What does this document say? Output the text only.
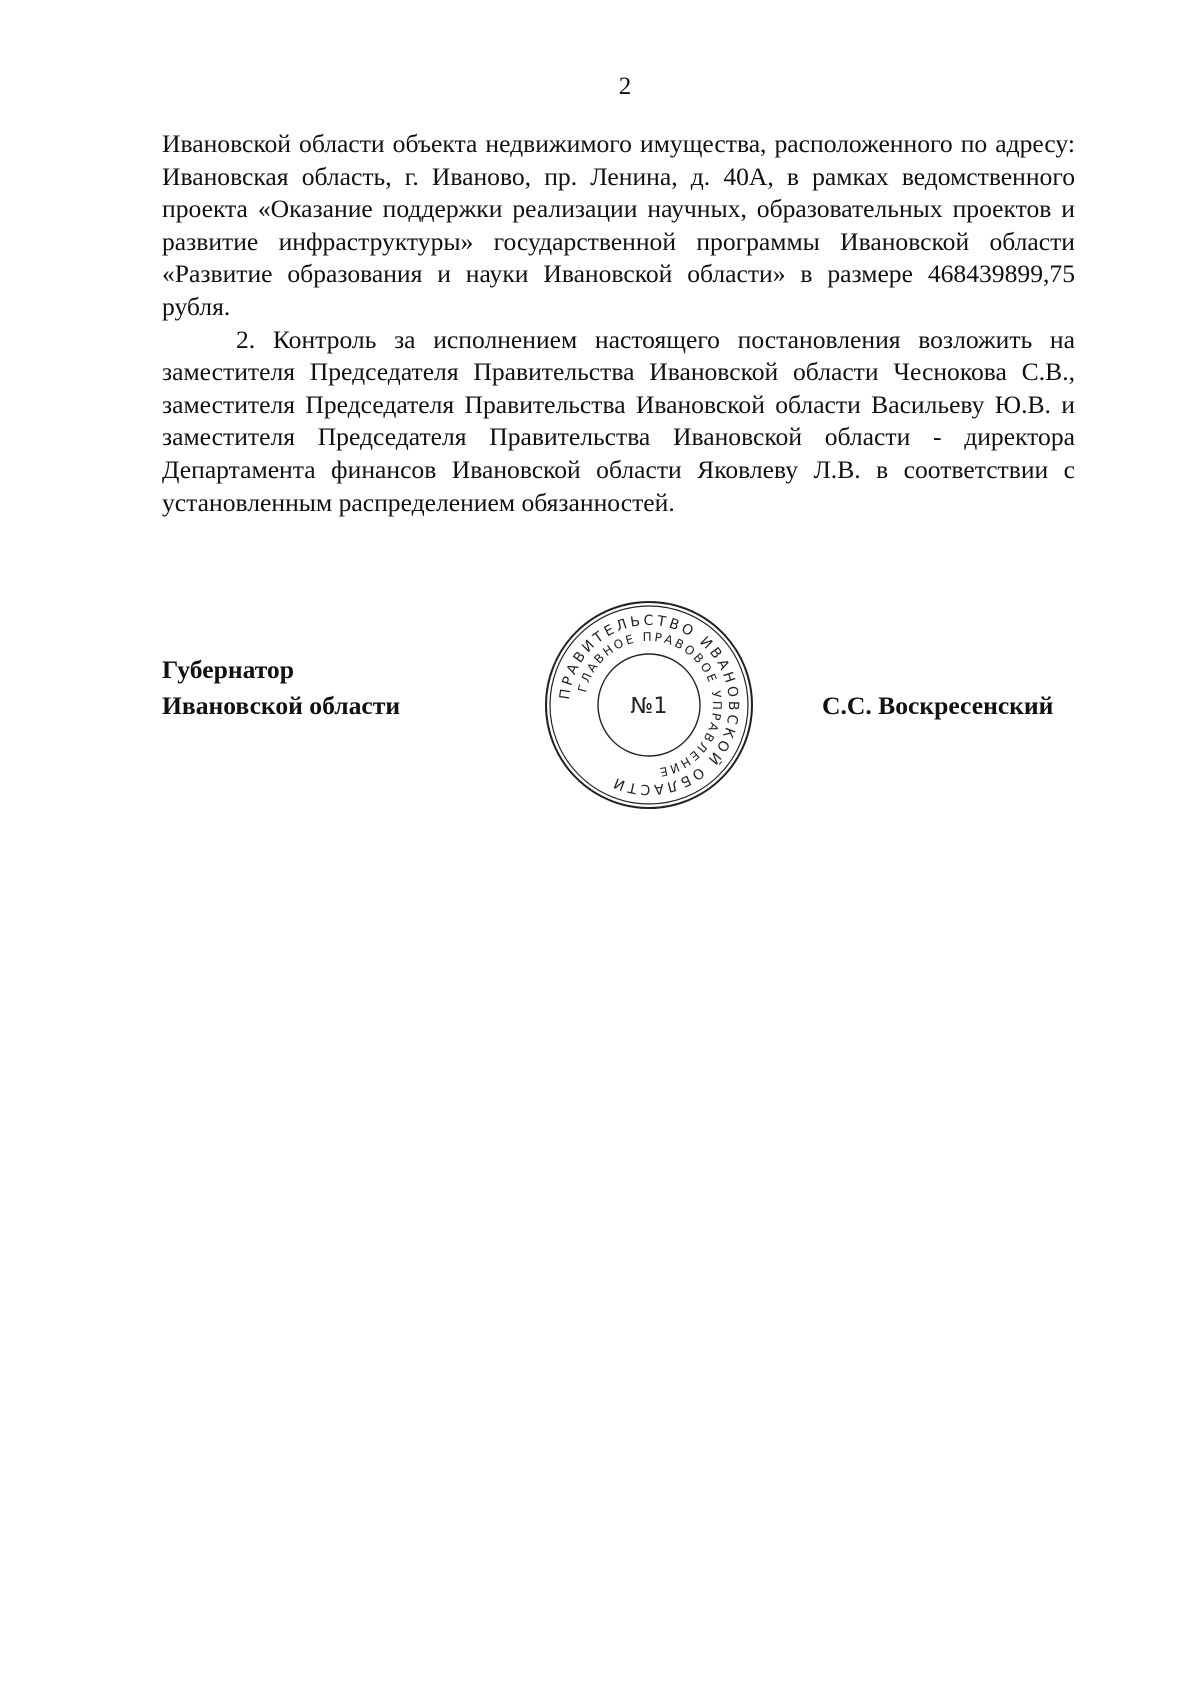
2

Ивановской области объекта недвижимого имущества, расположенного по адресу: Ивановская область, г. Иваново, пр. Ленина, д. 40А, в рамках ведомственного проекта «Оказание поддержки реализации научных, образовательных проектов и развитие инфраструктуры» государственной программы Ивановской области «Развитие образования и науки Ивановской области» в размере 468439899,75 рубля.

2. Контроль за исполнением настоящего постановления возложить на заместителя Председателя Правительства Ивановской области Чеснокова С.В., заместителя Председателя Правительства Ивановской области Васильеву Ю.В. и заместителя Председателя Правительства Ивановской области - директора Департамента финансов Ивановской области Яковлеву Л.В. в соответствии с установленным распределением обязанностей.

Губернатор
Ивановской области	ПРАВИТЕЛЬСТВО ИВАНОВСКОЙ ОБЛАСТИ
ГЛАВНОЕ ПРАВОВОЕ УПРАВЛЕНИЕ
№1	С.С. Воскресенский
